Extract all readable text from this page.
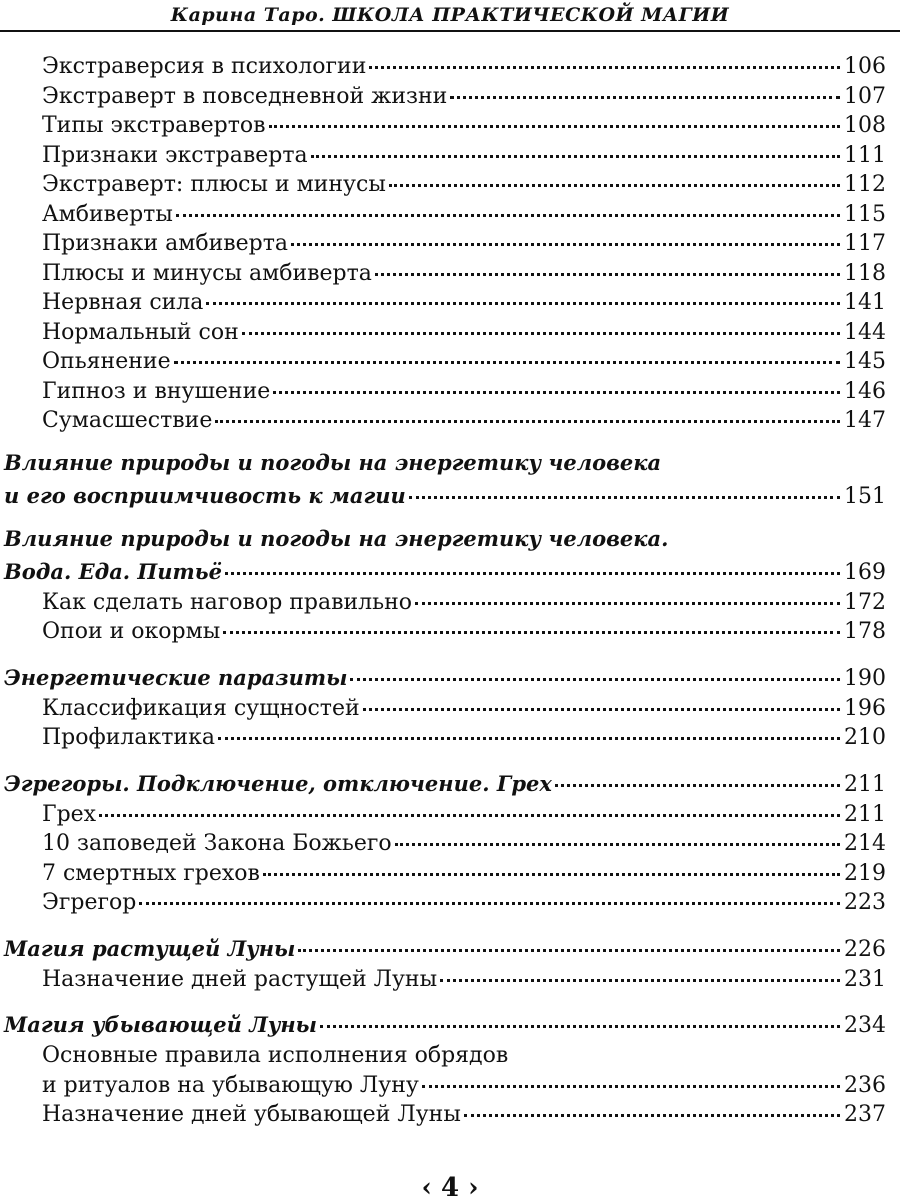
Карина Таро. ШКОЛА ПРАКТИЧЕСКОЙ МАГИИ
Экстраверсия в психологии	106
Экстраверт в повседневной жизни	107
Типы экстравертов	108
Признаки экстраверта	111
Экстраверт: плюсы и минусы	112
Амбиверты	115
Признаки амбиверта	117
Плюсы и минусы амбиверта	118
Нервная сила	141
Нормальный сон	144
Опьянение	145
Гипноз и внушение	146
Сумасшествие	147
Влияние природы и погоды на энергетику человека
и его восприимчивость к магии	151
Влияние природы и погоды на энергетику человека.
Вода. Еда. Питьё	169
Как сделать наговор правильно	172
Опои и окормы	178
Энергетические паразиты	190
Классификация сущностей	196
Профилактика	210
Эгрегоры. Подключение, отключение. Грех	211
Грех	211
10 заповедей Закона Божьего	214
7 смертных грехов	219
Эгрегор	223
Магия растущей Луны	226
Назначение дней растущей Луны	231
Магия убывающей Луны	234
Основные правила исполнения обрядов
и ритуалов на убывающую Луну	236
Назначение дней убывающей Луны	237
‹ 4 ›
